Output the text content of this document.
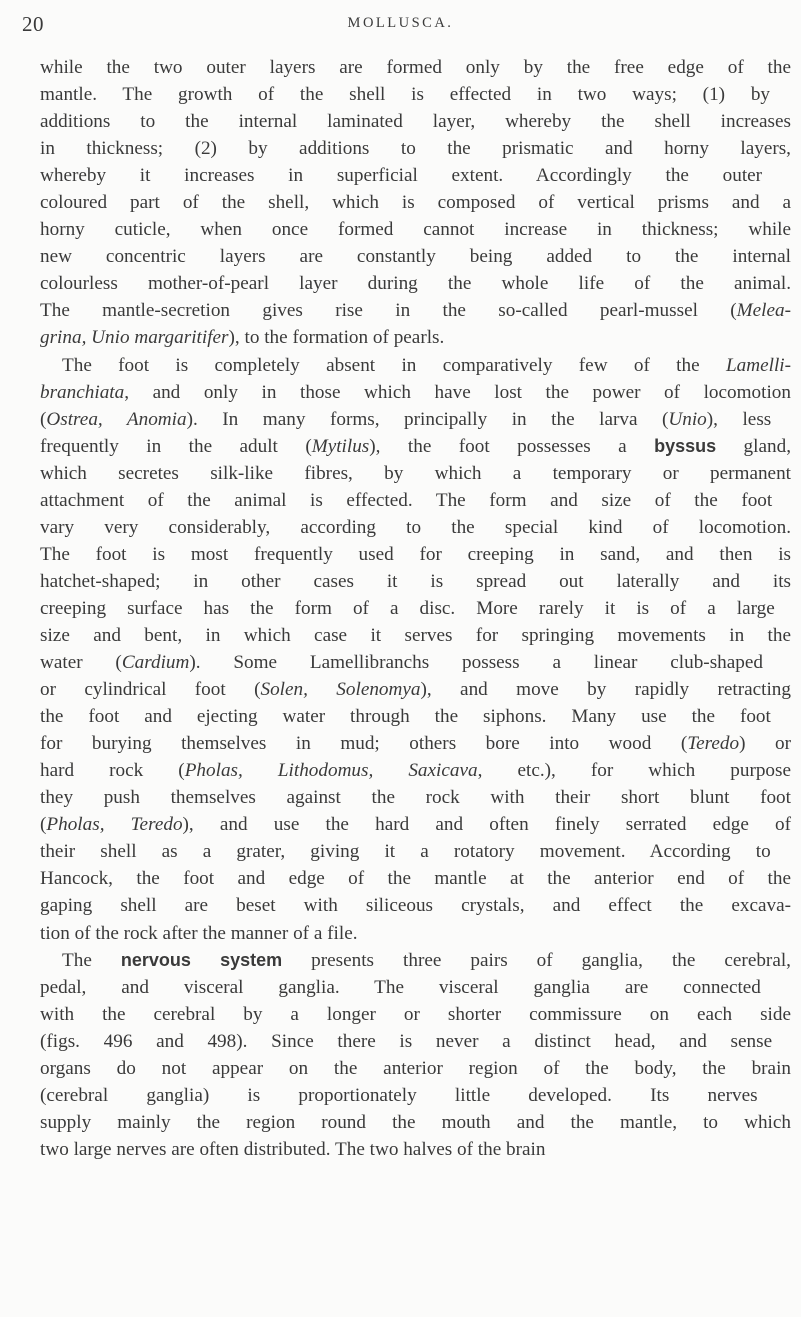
20	MOLLUSCA.
while the two outer layers are formed only by the free edge of the
mantle. The growth of the shell is effected in two ways; (1) by
additions to the internal laminated layer, whereby the shell increases
in thickness; (2) by additions to the prismatic and horny layers,
whereby it increases in superficial extent. Accordingly the outer
coloured part of the shell, which is composed of vertical prisms and a
horny cuticle, when once formed cannot increase in thickness; while
new concentric layers are constantly being added to the internal
colourless mother-of-pearl layer during the whole life of the animal.
The mantle-secretion gives rise in the so-called pearl-mussel (Melea-
grina, Unio margaritifer), to the formation of pearls.
The foot is completely absent in comparatively few of the Lamelli-
branchiata, and only in those which have lost the power of locomotion
(Ostrea, Anomia). In many forms, principally in the larva (Unio), less
frequently in the adult (Mytilus), the foot possesses a byssus gland,
which secretes silk-like fibres, by which a temporary or permanent
attachment of the animal is effected. The form and size of the foot
vary very considerably, according to the special kind of locomotion.
The foot is most frequently used for creeping in sand, and then is
hatchet-shaped; in other cases it is spread out laterally and its
creeping surface has the form of a disc. More rarely it is of a large
size and bent, in which case it serves for springing movements in the
water (Cardium). Some Lamellibranchs possess a linear club-shaped
or cylindrical foot (Solen, Solenomya), and move by rapidly retracting
the foot and ejecting water through the siphons. Many use the foot
for burying themselves in mud; others bore into wood (Teredo) or
hard rock (Pholas, Lithodomus, Saxicava, etc.), for which purpose
they push themselves against the rock with their short blunt foot
(Pholas, Teredo), and use the hard and often finely serrated edge of
their shell as a grater, giving it a rotatory movement. According to
Hancock, the foot and edge of the mantle at the anterior end of the
gaping shell are beset with siliceous crystals, and effect the excava-
tion of the rock after the manner of a file.
The nervous system presents three pairs of ganglia, the cerebral,
pedal, and visceral ganglia. The visceral ganglia are connected
with the cerebral by a longer or shorter commissure on each side
(figs. 496 and 498). Since there is never a distinct head, and sense
organs do not appear on the anterior region of the body, the brain
(cerebral ganglia) is proportionately little developed. Its nerves
supply mainly the region round the mouth and the mantle, to which
two large nerves are often distributed. The two halves of the brain
